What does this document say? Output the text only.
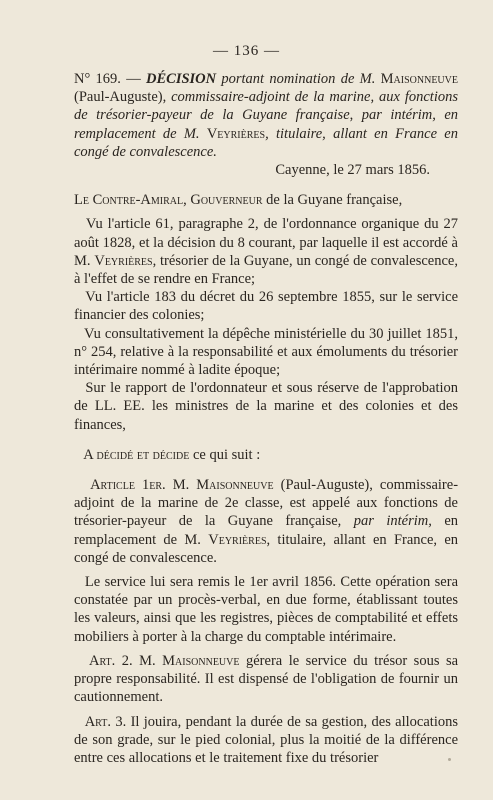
— 136 —

N° 169. — DÉCISION portant nomination de M. Maisonneuve (Paul-Auguste), commissaire-adjoint de la marine, aux fonctions de trésorier-payeur de la Guyane française, par intérim, en remplacement de M. Veyrières, titulaire, allant en France en congé de convalescence.

Cayenne, le 27 mars 1856.

Le Contre-Amiral, Gouverneur de la Guyane française,

Vu l'article 61, paragraphe 2, de l'ordonnance organique du 27 août 1828, et la décision du 8 courant, par laquelle il est accordé à M. Veyrières, trésorier de la Guyane, un congé de convalescence, à l'effet de se rendre en France;

Vu l'article 183 du décret du 26 septembre 1855, sur le service financier des colonies;

Vu consultativement la dépêche ministérielle du 30 juillet 1851, n° 254, relative à la responsabilité et aux émoluments du trésorier intérimaire nommé à ladite époque;

Sur le rapport de l'ordonnateur et sous réserve de l'approbation de LL. EE. les ministres de la marine et des colonies et des finances,

A décidé et décide ce qui suit :

Article 1er. M. Maisonneuve (Paul-Auguste), commissaire-adjoint de la marine de 2e classe, est appelé aux fonctions de trésorier-payeur de la Guyane française, par intérim, en remplacement de M. Veyrières, titulaire, allant en France, en congé de convalescence.

Le service lui sera remis le 1er avril 1856. Cette opération sera constatée par un procès-verbal, en due forme, établissant toutes les valeurs, ainsi que les registres, pièces de comptabilité et effets mobiliers à porter à la charge du comptable intérimaire.

Art. 2. M. Maisonneuve gérera le service du trésor sous sa propre responsabilité. Il est dispensé de l'obligation de fournir un cautionnement.

Art. 3. Il jouira, pendant la durée de sa gestion, des allocations de son grade, sur le pied colonial, plus la moitié de la différence entre ces allocations et le traitement fixe du trésorier
